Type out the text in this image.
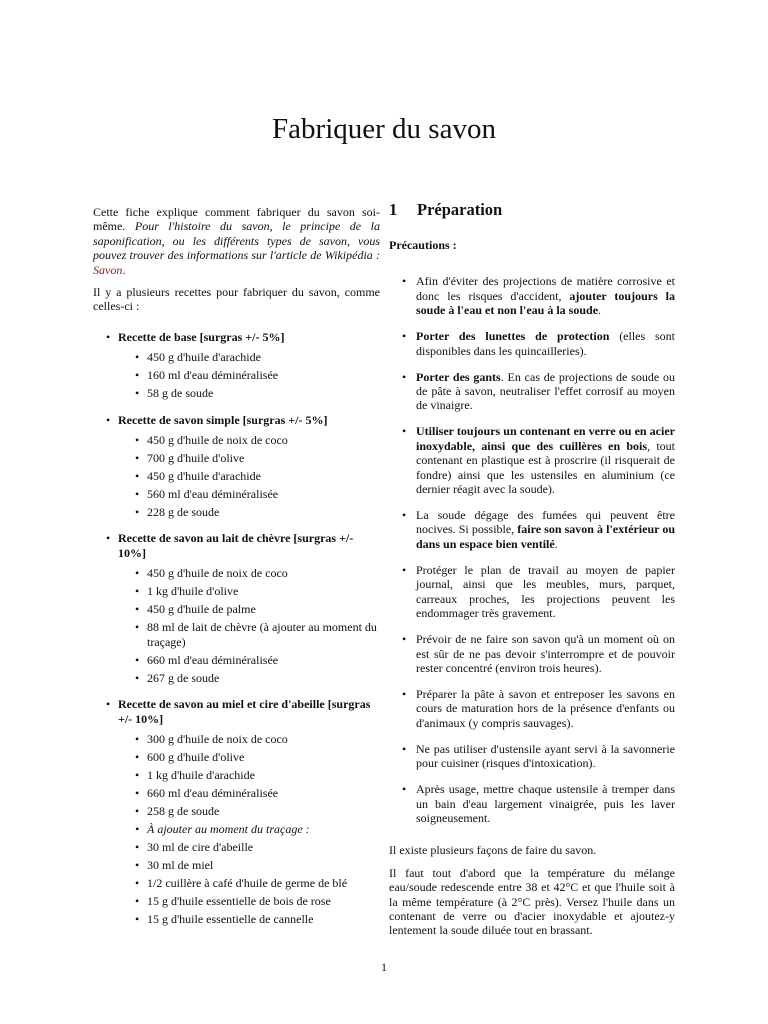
Fabriquer du savon

Cette fiche explique comment fabriquer du savon soi-même. Pour l'histoire du savon, le principe de la saponification, ou les différents types de savon, vous pouvez trouver des informations sur l'article de Wikipédia : Savon.

Il y a plusieurs recettes pour fabriquer du savon, comme celles-ci :

• Recette de base [surgras +/- 5%]
• 450 g d'huile d'arachide
• 160 ml d'eau déminéralisée
• 58 g de soude
• Recette de savon simple [surgras +/- 5%]
• 450 g d'huile de noix de coco
• 700 g d'huile d'olive
• 450 g d'huile d'arachide
• 560 ml d'eau déminéralisée
• 228 g de soude
• Recette de savon au lait de chèvre [surgras +/- 10%]
• 450 g d'huile de noix de coco
• 1 kg d'huile d'olive
• 450 g d'huile de palme
• 88 ml de lait de chèvre (à ajouter au moment du traçage)
• 660 ml d'eau déminéralisée
• 267 g de soude
• Recette de savon au miel et cire d'abeille [surgras +/- 10%]
• 300 g d'huile de noix de coco
• 600 g d'huile d'olive
• 1 kg d'huile d'arachide
• 660 ml d'eau déminéralisée
• 258 g de soude
• À ajouter au moment du traçage :
• 30 ml de cire d'abeille
• 30 ml de miel
• 1/2 cuillère à café d'huile de germe de blé
• 15 g d'huile essentielle de bois de rose
• 15 g d'huile essentielle de cannelle
1 Préparation
Précautions :
• Afin d'éviter des projections de matière corrosive et donc les risques d'accident, ajouter toujours la soude à l'eau et non l'eau à la soude.
• Porter des lunettes de protection (elles sont disponibles dans les quincailleries).
• Porter des gants. En cas de projections de soude ou de pâte à savon, neutraliser l'effet corrosif au moyen de vinaigre.
• Utiliser toujours un contenant en verre ou en acier inoxydable, ainsi que des cuillères en bois, tout contenant en plastique est à proscrire (il risquerait de fondre) ainsi que les ustensiles en aluminium (ce dernier réagit avec la soude).
• La soude dégage des fumées qui peuvent être nocives. Si possible, faire son savon à l'extérieur ou dans un espace bien ventilé.
• Protéger le plan de travail au moyen de papier journal, ainsi que les meubles, murs, parquet, carreaux proches, les projections peuvent les endommager très gravement.
• Prévoir de ne faire son savon qu'à un moment où on est sûr de ne pas devoir s'interrompre et de pouvoir rester concentré (environ trois heures).
• Préparer la pâte à savon et entreposer les savons en cours de maturation hors de la présence d'enfants ou d'animaux (y compris sauvages).
• Ne pas utiliser d'ustensile ayant servi à la savonnerie pour cuisiner (risques d'intoxication).
• Après usage, mettre chaque ustensile à tremper dans un bain d'eau largement vinaigrée, puis les laver soigneusement.

Il existe plusieurs façons de faire du savon.

Il faut tout d'abord que la température du mélange eau/soude redescende entre 38 et 42°C et que l'huile soit à la même température (à 2°C près). Versez l'huile dans un contenant de verre ou d'acier inoxydable et ajoutez-y lentement la soude diluée tout en brassant.

1
